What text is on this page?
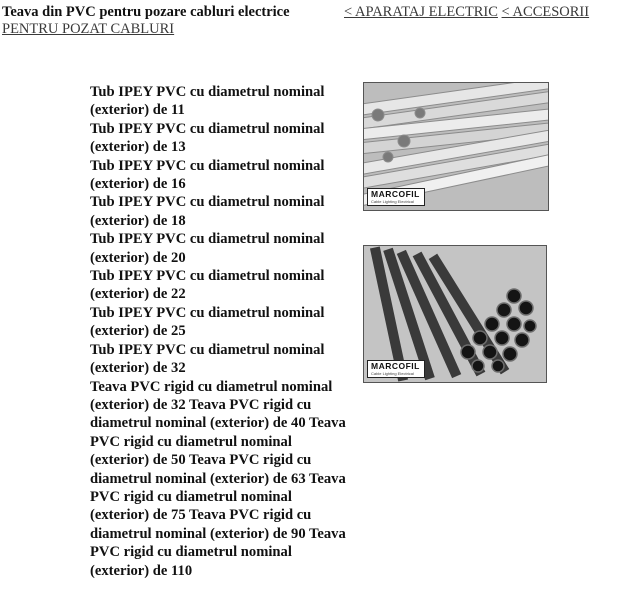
Teava din PVC pentru pozare cabluri electrice	< APARATAJ ELECTRIC < ACCESORII
PENTRU POZAT CABLURI
Tub IPEY PVC cu diametrul nominal (exterior) de 11
Tub IPEY PVC cu diametrul nominal (exterior) de 13
Tub IPEY PVC cu diametrul nominal (exterior) de 16
Tub IPEY PVC cu diametrul nominal (exterior) de 18
Tub IPEY PVC cu diametrul nominal (exterior) de 20
Tub IPEY PVC cu diametrul nominal (exterior) de 22
Tub IPEY PVC cu diametrul nominal (exterior) de 25
Tub IPEY PVC cu diametrul nominal (exterior) de 32
Teava PVC rigid cu diametrul nominal (exterior) de 32 Teava PVC rigid cu diametrul nominal (exterior) de 40 Teava PVC rigid cu diametrul nominal (exterior) de 50 Teava PVC rigid cu diametrul nominal (exterior) de 63 Teava PVC rigid cu diametrul nominal (exterior) de 75 Teava PVC rigid cu diametrul nominal (exterior) de 90 Teava PVC rigid cu diametrul nominal (exterior) de 110
MARCOFIL
Cable Lighting Electrical
MARCOFIL
Cable Lighting Electrical
